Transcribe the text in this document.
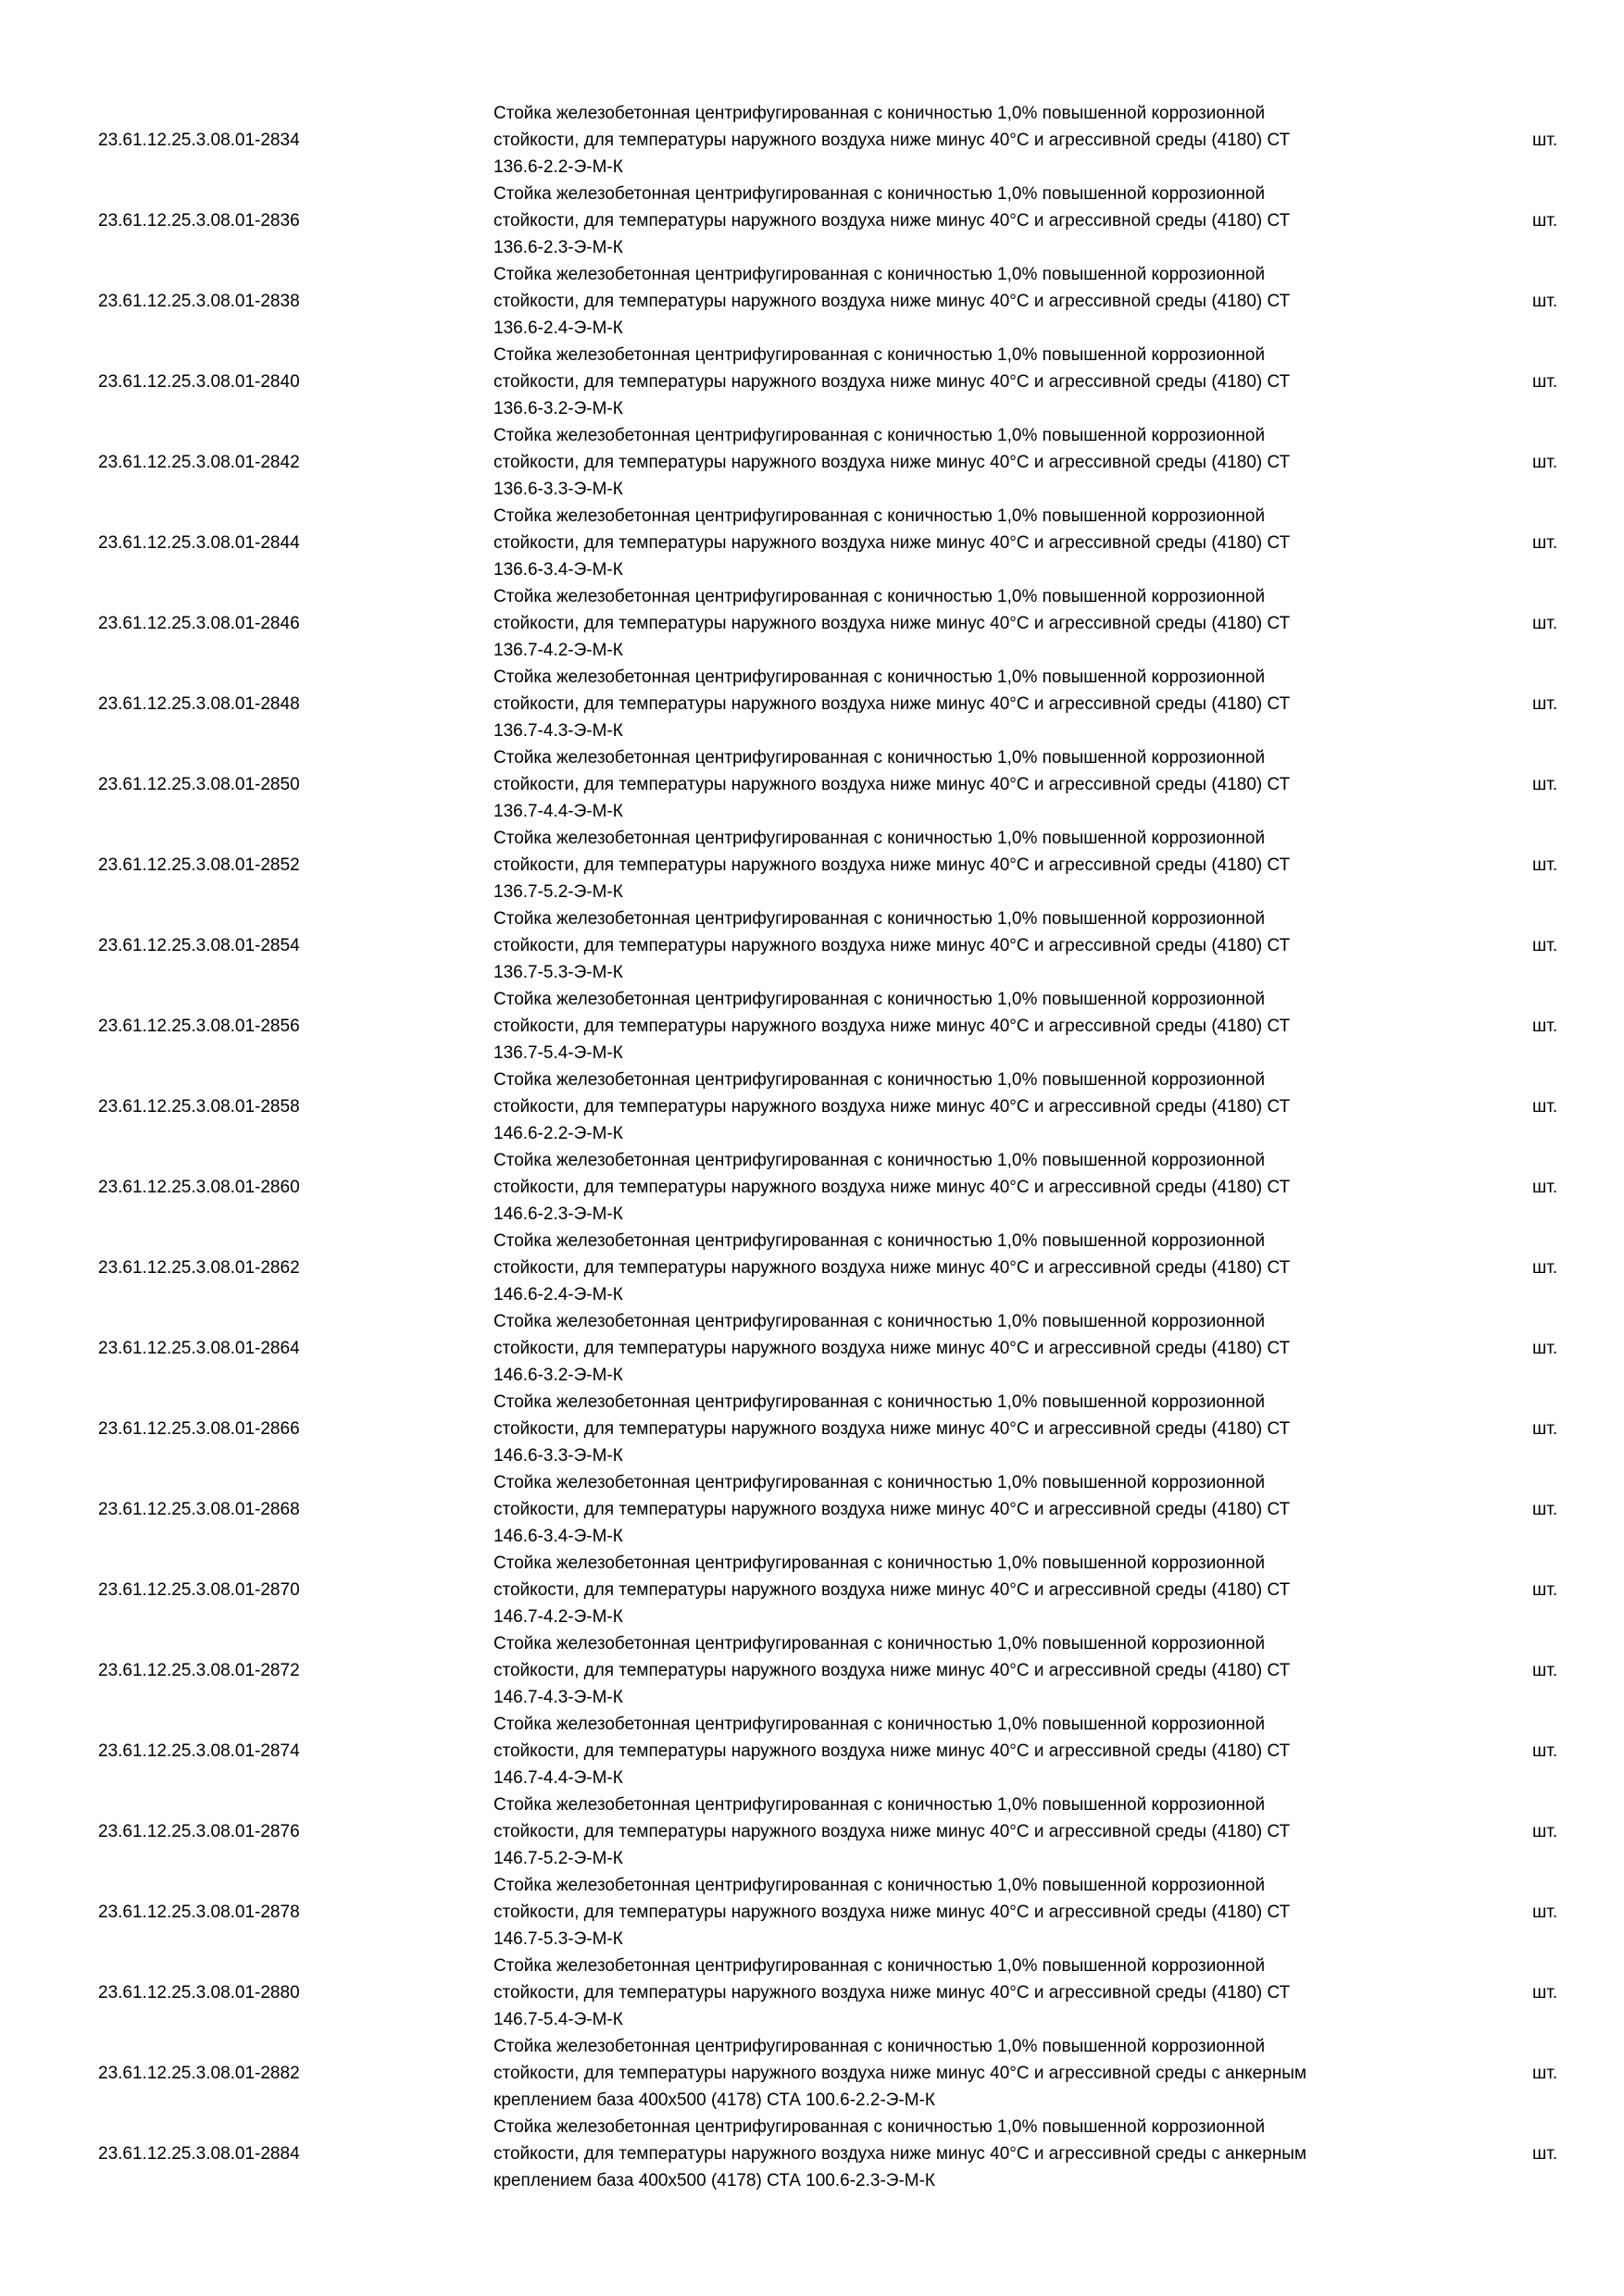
23.61.12.25.3.08.01-2834
Стойка железобетонная центрифугированная с коничностью 1,0% повышенной коррозионной
стойкости, для температуры наружного воздуха ниже минус 40°С и агрессивной среды (4180) СТ
136.6-2.2-Э-М-К
шт.
23.61.12.25.3.08.01-2836
Стойка железобетонная центрифугированная с коничностью 1,0% повышенной коррозионной
стойкости, для температуры наружного воздуха ниже минус 40°С и агрессивной среды (4180) СТ
136.6-2.3-Э-М-К
шт.
23.61.12.25.3.08.01-2838
Стойка железобетонная центрифугированная с коничностью 1,0% повышенной коррозионной
стойкости, для температуры наружного воздуха ниже минус 40°С и агрессивной среды (4180) СТ
136.6-2.4-Э-М-К
шт.
23.61.12.25.3.08.01-2840
Стойка железобетонная центрифугированная с коничностью 1,0% повышенной коррозионной
стойкости, для температуры наружного воздуха ниже минус 40°С и агрессивной среды (4180) СТ
136.6-3.2-Э-М-К
шт.
23.61.12.25.3.08.01-2842
Стойка железобетонная центрифугированная с коничностью 1,0% повышенной коррозионной
стойкости, для температуры наружного воздуха ниже минус 40°С и агрессивной среды (4180) СТ
136.6-3.3-Э-М-К
шт.
23.61.12.25.3.08.01-2844
Стойка железобетонная центрифугированная с коничностью 1,0% повышенной коррозионной
стойкости, для температуры наружного воздуха ниже минус 40°С и агрессивной среды (4180) СТ
136.6-3.4-Э-М-К
шт.
23.61.12.25.3.08.01-2846
Стойка железобетонная центрифугированная с коничностью 1,0% повышенной коррозионной
стойкости, для температуры наружного воздуха ниже минус 40°С и агрессивной среды (4180) СТ
136.7-4.2-Э-М-К
шт.
23.61.12.25.3.08.01-2848
Стойка железобетонная центрифугированная с коничностью 1,0% повышенной коррозионной
стойкости, для температуры наружного воздуха ниже минус 40°С и агрессивной среды (4180) СТ
136.7-4.3-Э-М-К
шт.
23.61.12.25.3.08.01-2850
Стойка железобетонная центрифугированная с коничностью 1,0% повышенной коррозионной
стойкости, для температуры наружного воздуха ниже минус 40°С и агрессивной среды (4180) СТ
136.7-4.4-Э-М-К
шт.
23.61.12.25.3.08.01-2852
Стойка железобетонная центрифугированная с коничностью 1,0% повышенной коррозионной
стойкости, для температуры наружного воздуха ниже минус 40°С и агрессивной среды (4180) СТ
136.7-5.2-Э-М-К
шт.
23.61.12.25.3.08.01-2854
Стойка железобетонная центрифугированная с коничностью 1,0% повышенной коррозионной
стойкости, для температуры наружного воздуха ниже минус 40°С и агрессивной среды (4180) СТ
136.7-5.3-Э-М-К
шт.
23.61.12.25.3.08.01-2856
Стойка железобетонная центрифугированная с коничностью 1,0% повышенной коррозионной
стойкости, для температуры наружного воздуха ниже минус 40°С и агрессивной среды (4180) СТ
136.7-5.4-Э-М-К
шт.
23.61.12.25.3.08.01-2858
Стойка железобетонная центрифугированная с коничностью 1,0% повышенной коррозионной
стойкости, для температуры наружного воздуха ниже минус 40°С и агрессивной среды (4180) СТ
146.6-2.2-Э-М-К
шт.
23.61.12.25.3.08.01-2860
Стойка железобетонная центрифугированная с коничностью 1,0% повышенной коррозионной
стойкости, для температуры наружного воздуха ниже минус 40°С и агрессивной среды (4180) СТ
146.6-2.3-Э-М-К
шт.
23.61.12.25.3.08.01-2862
Стойка железобетонная центрифугированная с коничностью 1,0% повышенной коррозионной
стойкости, для температуры наружного воздуха ниже минус 40°С и агрессивной среды (4180) СТ
146.6-2.4-Э-М-К
шт.
23.61.12.25.3.08.01-2864
Стойка железобетонная центрифугированная с коничностью 1,0% повышенной коррозионной
стойкости, для температуры наружного воздуха ниже минус 40°С и агрессивной среды (4180) СТ
146.6-3.2-Э-М-К
шт.
23.61.12.25.3.08.01-2866
Стойка железобетонная центрифугированная с коничностью 1,0% повышенной коррозионной
стойкости, для температуры наружного воздуха ниже минус 40°С и агрессивной среды (4180) СТ
146.6-3.3-Э-М-К
шт.
23.61.12.25.3.08.01-2868
Стойка железобетонная центрифугированная с коничностью 1,0% повышенной коррозионной
стойкости, для температуры наружного воздуха ниже минус 40°С и агрессивной среды (4180) СТ
146.6-3.4-Э-М-К
шт.
23.61.12.25.3.08.01-2870
Стойка железобетонная центрифугированная с коничностью 1,0% повышенной коррозионной
стойкости, для температуры наружного воздуха ниже минус 40°С и агрессивной среды (4180) СТ
146.7-4.2-Э-М-К
шт.
23.61.12.25.3.08.01-2872
Стойка железобетонная центрифугированная с коничностью 1,0% повышенной коррозионной
стойкости, для температуры наружного воздуха ниже минус 40°С и агрессивной среды (4180) СТ
146.7-4.3-Э-М-К
шт.
23.61.12.25.3.08.01-2874
Стойка железобетонная центрифугированная с коничностью 1,0% повышенной коррозионной
стойкости, для температуры наружного воздуха ниже минус 40°С и агрессивной среды (4180) СТ
146.7-4.4-Э-М-К
шт.
23.61.12.25.3.08.01-2876
Стойка железобетонная центрифугированная с коничностью 1,0% повышенной коррозионной
стойкости, для температуры наружного воздуха ниже минус 40°С и агрессивной среды (4180) СТ
146.7-5.2-Э-М-К
шт.
23.61.12.25.3.08.01-2878
Стойка железобетонная центрифугированная с коничностью 1,0% повышенной коррозионной
стойкости, для температуры наружного воздуха ниже минус 40°С и агрессивной среды (4180) СТ
146.7-5.3-Э-М-К
шт.
23.61.12.25.3.08.01-2880
Стойка железобетонная центрифугированная с коничностью 1,0% повышенной коррозионной
стойкости, для температуры наружного воздуха ниже минус 40°С и агрессивной среды (4180) СТ
146.7-5.4-Э-М-К
шт.
23.61.12.25.3.08.01-2882
Стойка железобетонная центрифугированная с коничностью 1,0% повышенной коррозионной
стойкости, для температуры наружного воздуха ниже минус 40°С и агрессивной среды с анкерным
креплением база 400х500 (4178) СТА 100.6-2.2-Э-М-К
шт.
23.61.12.25.3.08.01-2884
Стойка железобетонная центрифугированная с коничностью 1,0% повышенной коррозионной
стойкости, для температуры наружного воздуха ниже минус 40°С и агрессивной среды с анкерным
креплением база 400х500 (4178) СТА 100.6-2.3-Э-М-К
шт.
